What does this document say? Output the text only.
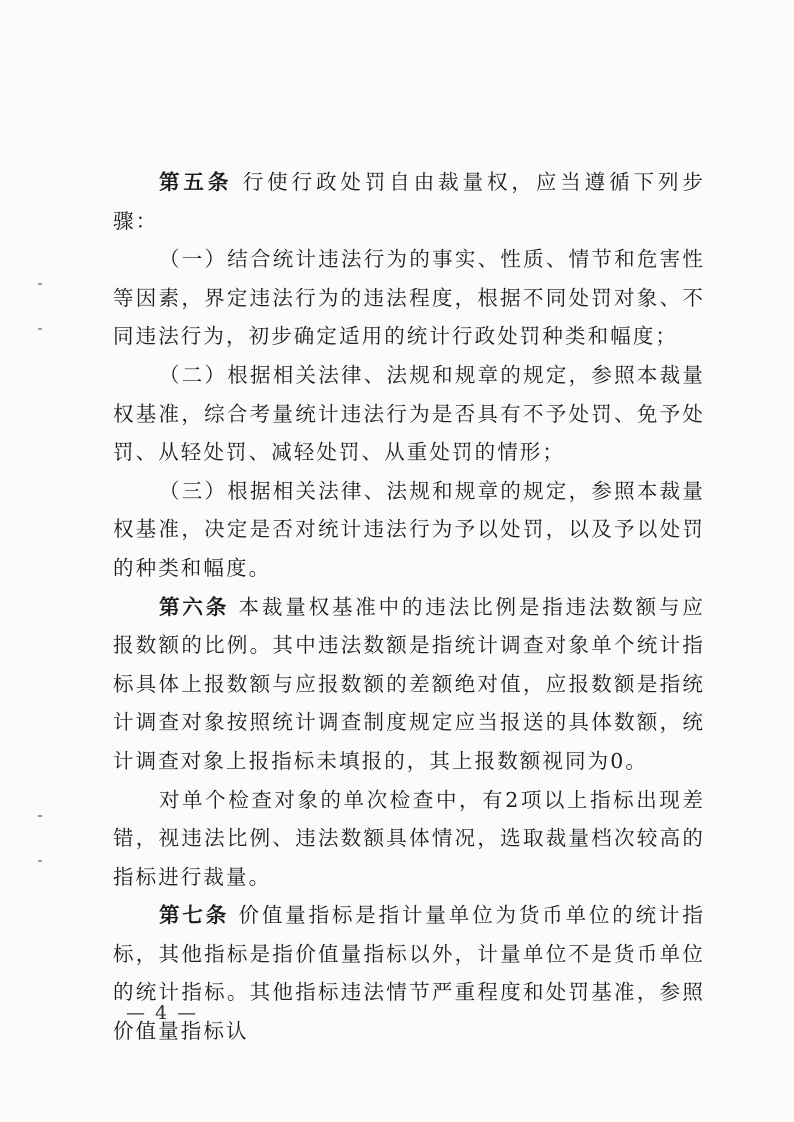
第五条 行使行政处罚自由裁量权，应当遵循下列步骤：

（一）结合统计违法行为的事实、性质、情节和危害性等因素，界定违法行为的违法程度，根据不同处罚对象、不同违法行为，初步确定适用的统计行政处罚种类和幅度；

（二）根据相关法律、法规和规章的规定，参照本裁量权基准，综合考量统计违法行为是否具有不予处罚、免予处罚、从轻处罚、减轻处罚、从重处罚的情形；

（三）根据相关法律、法规和规章的规定，参照本裁量权基准，决定是否对统计违法行为予以处罚，以及予以处罚的种类和幅度。

第六条 本裁量权基准中的违法比例是指违法数额与应报数额的比例。其中违法数额是指统计调查对象单个统计指标具体上报数额与应报数额的差额绝对值，应报数额是指统计调查对象按照统计调查制度规定应当报送的具体数额，统计调查对象上报指标未填报的，其上报数额视同为0。

对单个检查对象的单次检查中，有2项以上指标出现差错，视违法比例、违法数额具体情况，选取裁量档次较高的指标进行裁量。

第七条 价值量指标是指计量单位为货币单位的统计指标，其他指标是指价值量指标以外，计量单位不是货币单位的统计指标。其他指标违法情节严重程度和处罚基准，参照价值量指标认

— 4 —
